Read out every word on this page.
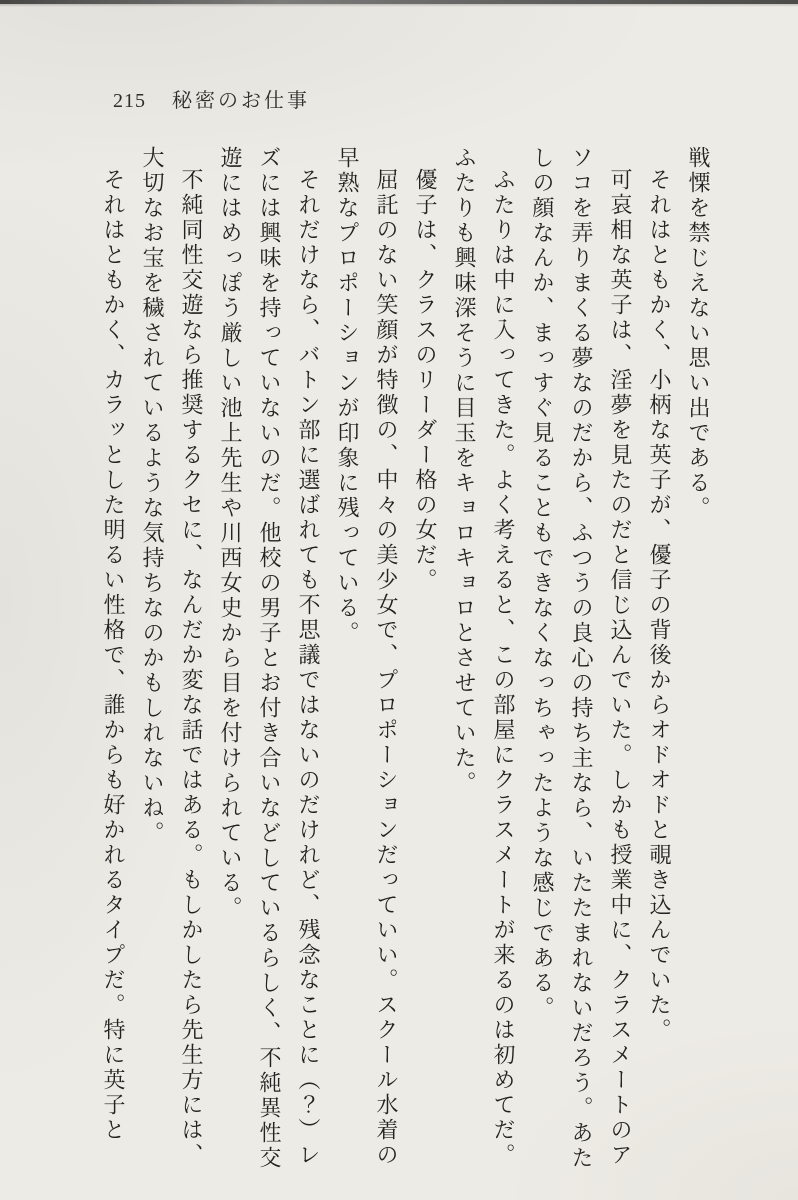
215 秘密のお仕事

戦慄を禁じえない思い出である。

それはともかく、小柄な英子が、優子の背後からオドオドと覗き込んでいた。

可哀相な英子は、淫夢を見たのだと信じ込んでいた。しかも授業中に、クラスメートのアソコを弄りまくる夢なのだから、ふつうの良心の持ち主なら、いたたまれないだろう。あたしの顔なんか、まっすぐ見ることもできなくなっちゃったような感じである。

ふたりは中に入ってきた。よく考えると、この部屋にクラスメートが来るのは初めてだ。ふたりも興味深そうに目玉をキョロキョロとさせていた。

優子は、クラスのリーダー格の女だ。

屈託のない笑顔が特徴の、中々の美少女で、プロポーションだっていい。スクール水着の早熟なプロポーションが印象に残っている。

それだけなら、バトン部に選ばれても不思議ではないのだけれど、残念なことに（？）レズには興味を持っていないのだ。他校の男子とお付き合いなどしているらしく、不純異性交遊にはめっぽう厳しい池上先生や川西女史から目を付けられている。

不純同性交遊なら推奨するクセに、なんだか変な話ではある。もしかしたら先生方には、大切なお宝を穢されているような気持ちなのかもしれないね。

それはともかく、カラッとした明るい性格で、誰からも好かれるタイプだ。特に英子と
